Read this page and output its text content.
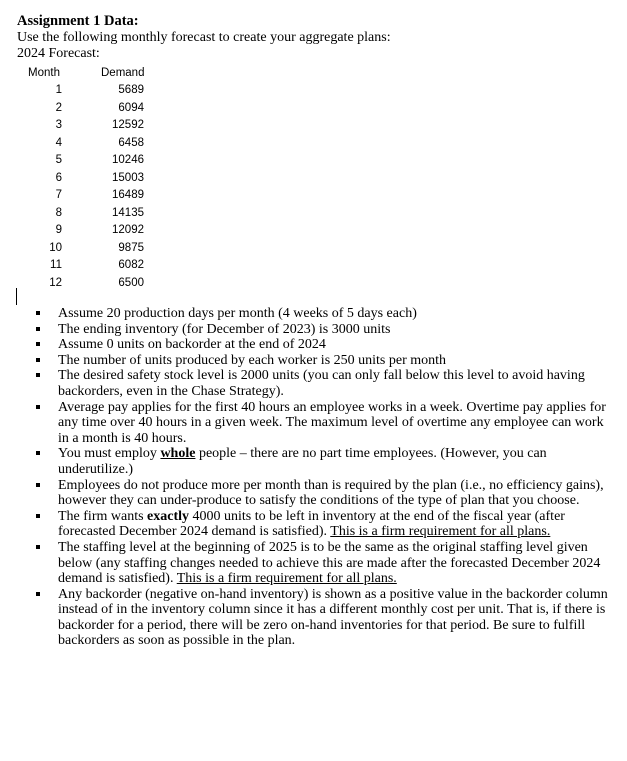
Assignment 1 Data:
Use the following monthly forecast to create your aggregate plans:
2024 Forecast:
Month	Demand
1	5689
2	6094
3	12592
4	6458
5	10246
6	15003
7	16489
8	14135
9	12092
10	9875
11	6082
12	6500
Assume 20 production days per month (4 weeks of 5 days each)
The ending inventory (for December of 2023) is 3000 units
Assume 0 units on backorder at the end of 2024
The number of units produced by each worker is 250 units per month
The desired safety stock level is 2000 units (you can only fall below this level to avoid having backorders, even in the Chase Strategy).
Average pay applies for the first 40 hours an employee works in a week. Overtime pay applies for any time over 40 hours in a given week. The maximum level of overtime any employee can work in a month is 40 hours.
You must employ whole people – there are no part time employees. (However, you can underutilize.)
Employees do not produce more per month than is required by the plan (i.e., no efficiency gains), however they can under-produce to satisfy the conditions of the type of plan that you choose.
The firm wants exactly 4000 units to be left in inventory at the end of the fiscal year (after forecasted December 2024 demand is satisfied). This is a firm requirement for all plans.
The staffing level at the beginning of 2025 is to be the same as the original staffing level given below (any staffing changes needed to achieve this are made after the forecasted December 2024 demand is satisfied). This is a firm requirement for all plans.
Any backorder (negative on-hand inventory) is shown as a positive value in the backorder column instead of in the inventory column since it has a different monthly cost per unit. That is, if there is backorder for a period, there will be zero on-hand inventories for that period. Be sure to fulfill backorders as soon as possible in the plan.
